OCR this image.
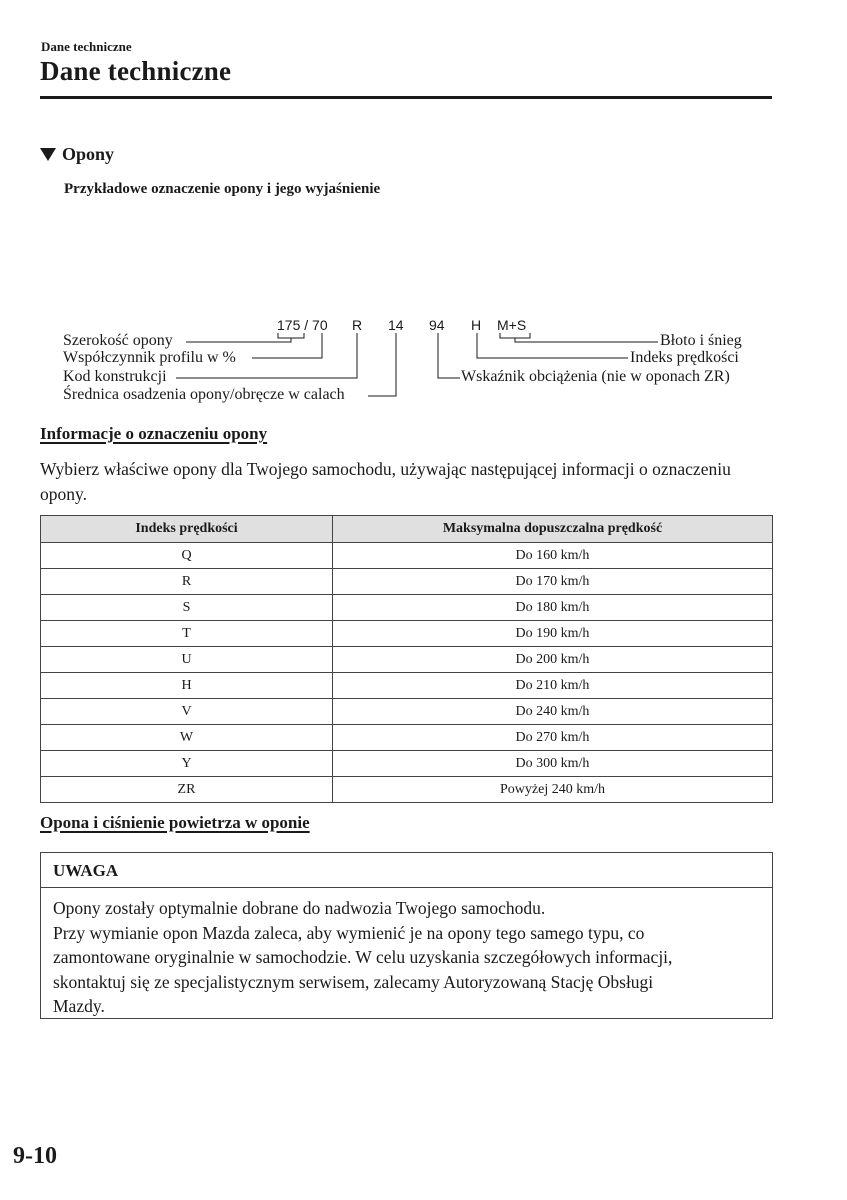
Dane techniczne
Dane techniczne
Opony
Przykładowe oznaczenie opony i jego wyjaśnienie
175 / 70 R 14 94 H M+S
Szerokość opony
Współczynnik profilu w %
Kod konstrukcji
Średnica osadzenia opony/obręcze w calach
Błoto i śnieg
Indeks prędkości
Wskaźnik obciążenia (nie w oponach ZR)
Informacje o oznaczeniu opony
Wybierz właściwe opony dla Twojego samochodu, używając następującej informacji o oznaczeniu opony.
Indeks prędkości	Maksymalna dopuszczalna prędkość
Q	Do 160 km/h
R	Do 170 km/h
S	Do 180 km/h
T	Do 190 km/h
U	Do 200 km/h
H	Do 210 km/h
V	Do 240 km/h
W	Do 270 km/h
Y	Do 300 km/h
ZR	Powyżej 240 km/h
Opona i ciśnienie powietrza w oponie
UWAGA
Opony zostały optymalnie dobrane do nadwozia Twojego samochodu.
Przy wymianie opon Mazda zaleca, aby wymienić je na opony tego samego typu, co
zamontowane oryginalnie w samochodzie. W celu uzyskania szczegółowych informacji,
skontaktuj się ze specjalistycznym serwisem, zalecamy Autoryzowaną Stację Obsługi
Mazdy.
9-10
